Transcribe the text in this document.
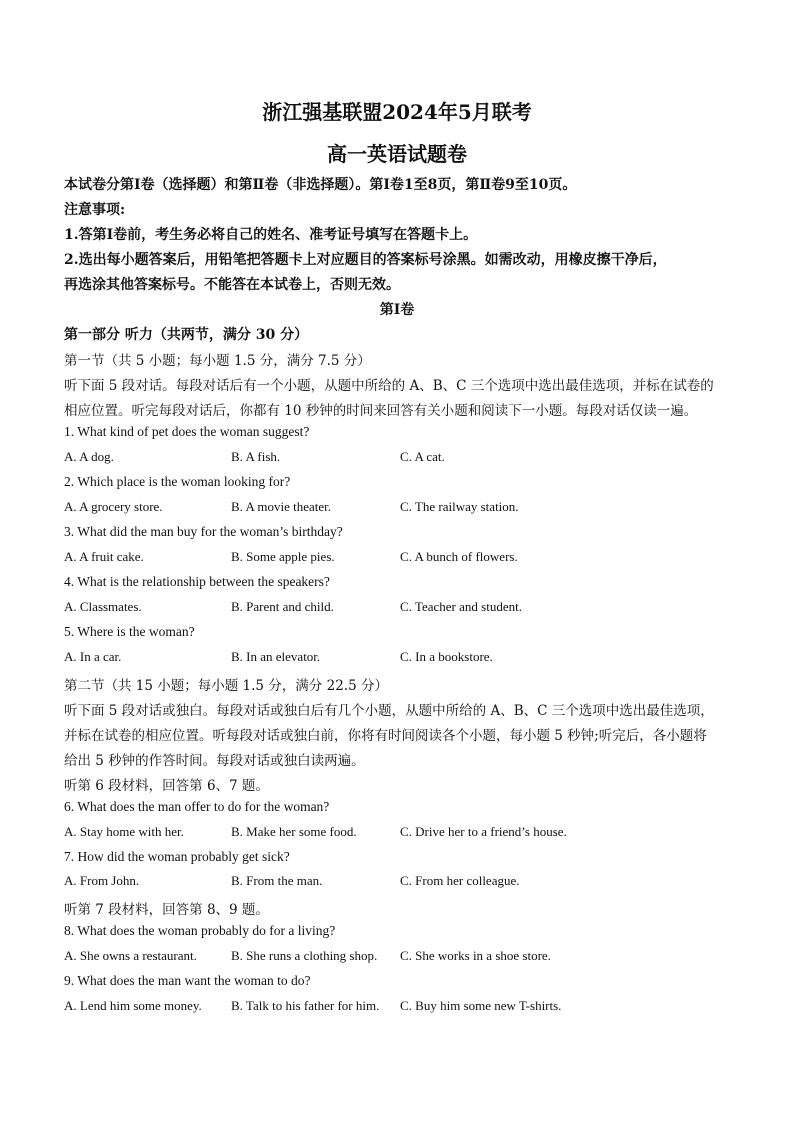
浙江强基联盟2024年5月联考
高一英语试题卷
本试卷分第Ⅰ卷（选择题）和第Ⅱ卷（非选择题）。第Ⅰ卷1至8页，第Ⅱ卷9至10页。
注意事项:
1.答第Ⅰ卷前，考生务必将自己的姓名、准考证号填写在答题卡上。
2.选出每小题答案后，用铅笔把答题卡上对应题目的答案标号涂黑。如需改动，用橡皮擦干净后，
再选涂其他答案标号。不能答在本试卷上，否则无效。
第Ⅰ卷
第一部分 听力（共两节，满分 30 分）
第一节（共 5 小题；每小题 1.5 分，满分 7.5 分）
听下面 5 段对话。每段对话后有一个小题，从题中所给的 A、B、C 三个选项中选出最佳选项，并标在试卷的
相应位置。听完每段对话后，你都有 10 秒钟的时间来回答有关小题和阅读下一小题。每段对话仅读一遍。
1. What kind of pet does the woman suggest?
A. A dog.	B. A fish.	C. A cat.
2. Which place is the woman looking for?
A. A grocery store.	B. A movie theater.	C. The railway station.
3. What did the man buy for the woman’s birthday?
A. A fruit cake.	B. Some apple pies.	C. A bunch of flowers.
4. What is the relationship between the speakers?
A. Classmates.	B. Parent and child.	C. Teacher and student.
5. Where is the woman?
A. In a car.	B. In an elevator.	C. In a bookstore.
第二节（共 15 小题；每小题 1.5 分，满分 22.5 分）
听下面 5 段对话或独白。每段对话或独白后有几个小题，从题中所给的 A、B、C 三个选项中选出最佳选项，
并标在试卷的相应位置。听每段对话或独白前，你将有时间阅读各个小题，每小题 5 秒钟;听完后，各小题将
给出 5 秒钟的作答时间。每段对话或独白读两遍。
听第 6 段材料，回答第 6、7 题。
6. What does the man offer to do for the woman?
A. Stay home with her.	B. Make her some food.	C. Drive her to a friend’s house.
7. How did the woman probably get sick?
A. From John.	B. From the man.	C. From her colleague.
听第 7 段材料，回答第 8、9 题。
8. What does the woman probably do for a living?
A. She owns a restaurant.	B. She runs a clothing shop. C. She works in a shoe store.
9. What does the man want the woman to do?
A. Lend him some money. B. Talk to his father for him. C. Buy him some new T-shirts.
